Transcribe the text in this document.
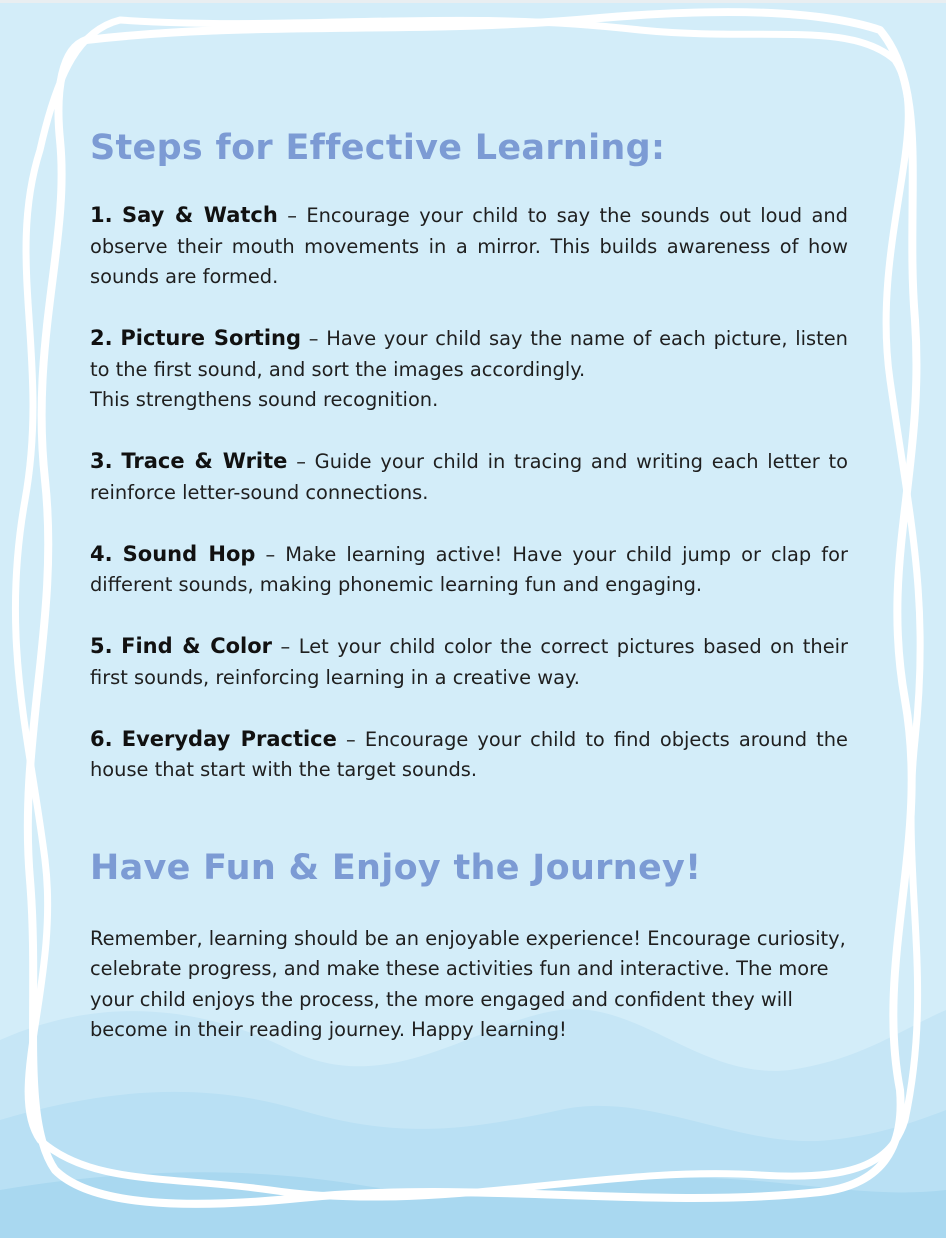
Steps for Effective Learning:

1. Say & Watch – Encourage your child to say the sounds out loud and observe their mouth movements in a mirror. This builds awareness of how sounds are formed.

2. Picture Sorting – Have your child say the name of each picture, listen to the first sound, and sort the images accordingly.
This strengthens sound recognition.

3. Trace & Write – Guide your child in tracing and writing each letter to reinforce letter-sound connections.

4. Sound Hop – Make learning active! Have your child jump or clap for different sounds, making phonemic learning fun and engaging.

5. Find & Color – Let your child color the correct pictures based on their first sounds, reinforcing learning in a creative way.

6. Everyday Practice – Encourage your child to find objects around the house that start with the target sounds.

Have Fun & Enjoy the Journey!

Remember, learning should be an enjoyable experience! Encourage curiosity, celebrate progress, and make these activities fun and interactive. The more your child enjoys the process, the more engaged and confident they will become in their reading journey. Happy learning!
